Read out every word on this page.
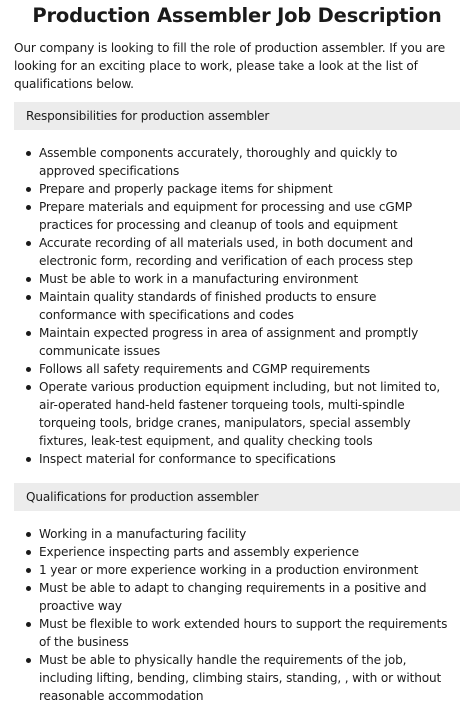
Production Assembler Job Description

Our company is looking to fill the role of production assembler. If you are looking for an exciting place to work, please take a look at the list of qualifications below.

Responsibilities for production assembler
Assemble components accurately, thoroughly and quickly to approved specifications
Prepare and properly package items for shipment
Prepare materials and equipment for processing and use cGMP practices for processing and cleanup of tools and equipment
Accurate recording of all materials used, in both document and electronic form, recording and verification of each process step
Must be able to work in a manufacturing environment
Maintain quality standards of finished products to ensure conformance with specifications and codes
Maintain expected progress in area of assignment and promptly communicate issues
Follows all safety requirements and CGMP requirements
Operate various production equipment including, but not limited to, air-operated hand-held fastener torqueing tools, multi-spindle torqueing tools, bridge cranes, manipulators, special assembly fixtures, leak-test equipment, and quality checking tools
Inspect material for conformance to specifications
Qualifications for production assembler
Working in a manufacturing facility
Experience inspecting parts and assembly experience
1 year or more experience working in a production environment
Must be able to adapt to changing requirements in a positive and proactive way
Must be flexible to work extended hours to support the requirements of the business
Must be able to physically handle the requirements of the job, including lifting, bending, climbing stairs, standing, , with or without reasonable accommodation
